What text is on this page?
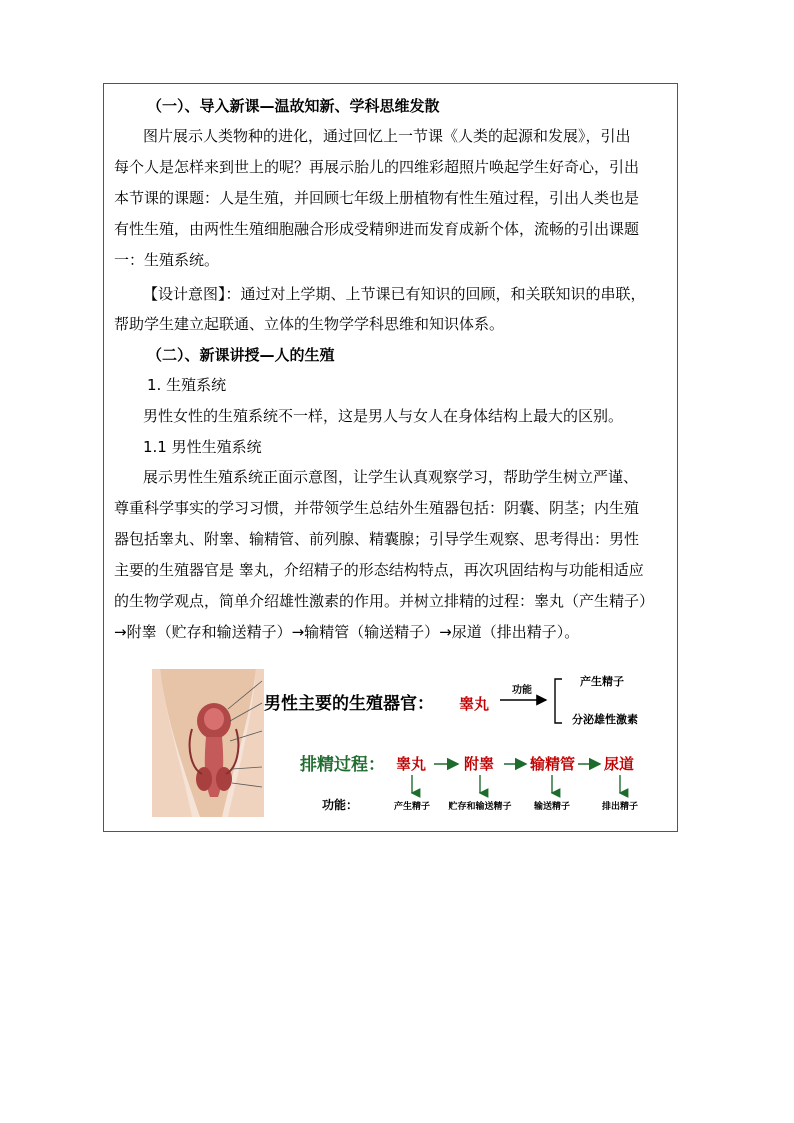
（一）、导入新课—温故知新、学科思维发散
图片展示人类物种的进化，通过回忆上一节课《人类的起源和发展》，引出
每个人是怎样来到世上的呢？再展示胎儿的四维彩超照片唤起学生好奇心，引出
本节课的课题：人是生殖，并回顾七年级上册植物有性生殖过程，引出人类也是
有性生殖，由两性生殖细胞融合形成受精卵进而发育成新个体，流畅的引出课题
一：生殖系统。
【设计意图】：通过对上学期、上节课已有知识的回顾，和关联知识的串联，
帮助学生建立起联通、立体的生物学学科思维和知识体系。
（二）、新课讲授—人的生殖
1. 生殖系统
男性女性的生殖系统不一样，这是男人与女人在身体结构上最大的区别。
1.1 男性生殖系统
展示男性生殖系统正面示意图，让学生认真观察学习，帮助学生树立严谨、
尊重科学事实的学习习惯，并带领学生总结外生殖器包括：阴囊、阴茎；内生殖
器包括睾丸、附睾、输精管、前列腺、精囊腺；引导学生观察、思考得出：男性
主要的生殖器官是 睾丸，介绍精子的形态结构特点，再次巩固结构与功能相适应
的生物学观点，简单介绍雄性激素的作用。并树立排精的过程：睾丸（产生精子）
→附睾（贮存和输送精子）→输精管（输送精子）→尿道（排出精子）。
男性主要的生殖器官： 睾丸
功能
产生精子
分泌雄性激素
排精过程： 睾丸	附睾 输精管 尿道
功能：	产生精子 贮存和输送精子 输送精子	排出精子
